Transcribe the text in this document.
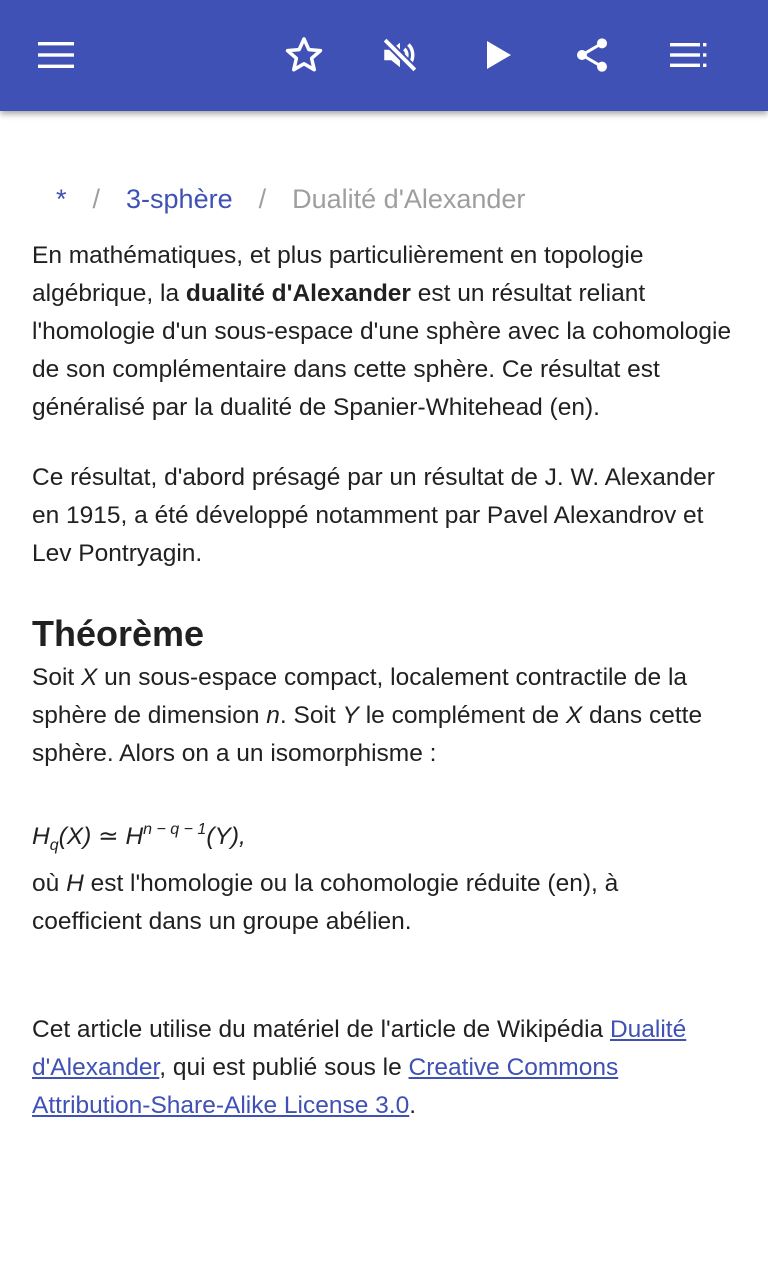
* / 3-sphère / Dualité d'Alexander

En mathématiques, et plus particulièrement en topologie algébrique, la dualité d'Alexander est un résultat reliant l'homologie d'un sous-espace d'une sphère avec la cohomologie de son complémentaire dans cette sphère. Ce résultat est généralisé par la dualité de Spanier-Whitehead (en).

Ce résultat, d'abord présagé par un résultat de J. W. Alexander en 1915, a été développé notamment par Pavel Alexandrov et Lev Pontryagin.

Théorème

Soit X un sous-espace compact, localement contractile de la sphère de dimension n. Soit Y le complément de X dans cette sphère. Alors on a un isomorphisme :

$H_q(X)$ ≃ $H^{n - q - 1}(Y)$,

où H est l'homologie ou la cohomologie réduite (en), à coefficient dans un groupe abélien.

Cet article utilise du matériel de l'article de Wikipédia Dualité d'Alexander, qui est publié sous le Creative Commons Attribution-Share-Alike License 3.0.
